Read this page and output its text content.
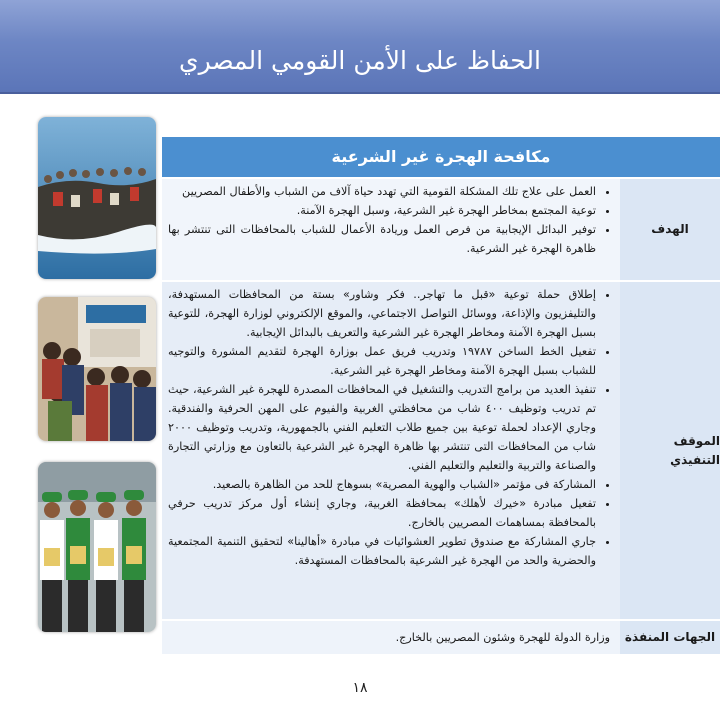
الحفاظ على الأمن القومي المصري
مكافحة الهجرة غير الشرعية
الهدف
• العمل على علاج تلك المشكلة القومية التي تهدد حياة آلاف من الشباب والأطفال المصريين
• توعية المجتمع بمخاطر الهجرة غير الشرعية، وسبل الهجرة الآمنة.
• توفير البدائل الإيجابية من فرص العمل وريادة الأعمال للشباب بالمحافظات التى تنتشر بها ظاهرة الهجرة غير الشرعية.
الموقف التنفيذي
• إطلاق حملة توعية «قبل ما تهاجر.. فكر وشاور» بستة من المحافظات المستهدفة، والتليفزيون والإذاعة، ووسائل التواصل الاجتماعي، والموقع الإلكتروني لوزارة الهجرة، للتوعية بسبل الهجرة الآمنة ومخاطر الهجرة غير الشرعية والتعريف بالبدائل الإيجابية.
• تفعيل الخط الساخن ١٩٧٨٧ وتدريب فريق عمل بوزارة الهجرة لتقديم المشورة والتوجيه للشباب بسبل الهجرة الآمنة ومخاطر الهجرة غير الشرعية.
• تنفيذ العديد من برامج التدريب والتشغيل في المحافظات المصدرة للهجرة غير الشرعية، حيث تم تدريب وتوظيف ٤٠٠ شاب من محافظتي الغربية والفيوم على المهن الحرفية والفندقية. وجاري الإعداد لحملة توعية بين جميع طلاب التعليم الفني بالجمهورية، وتدريب وتوظيف ٢٠٠٠ شاب من المحافظات التى تنتشر بها ظاهرة الهجرة غير الشرعية بالتعاون مع وزارتي التجارة والصناعة والتربية والتعليم والتعليم الفني.
• المشاركة فى مؤتمر «الشباب والهوية المصرية» بسوهاج للحد من الظاهرة بالصعيد.
• تفعيل مبادرة «خيرك لأهلك» بمحافظة الغربية، وجاري إنشاء أول مركز تدريب حرفي بالمحافظة بمساهمات المصريين بالخارج.
• جاري المشاركة مع صندوق تطوير العشوائيات في مبادرة «أهالينا» لتحقيق التنمية المجتمعية والحضرية والحد من الهجرة غير الشرعية بالمحافظات المستهدفة.
الجهات المنفذة
وزارة الدولة للهجرة وشئون المصريين بالخارج.
١٨
